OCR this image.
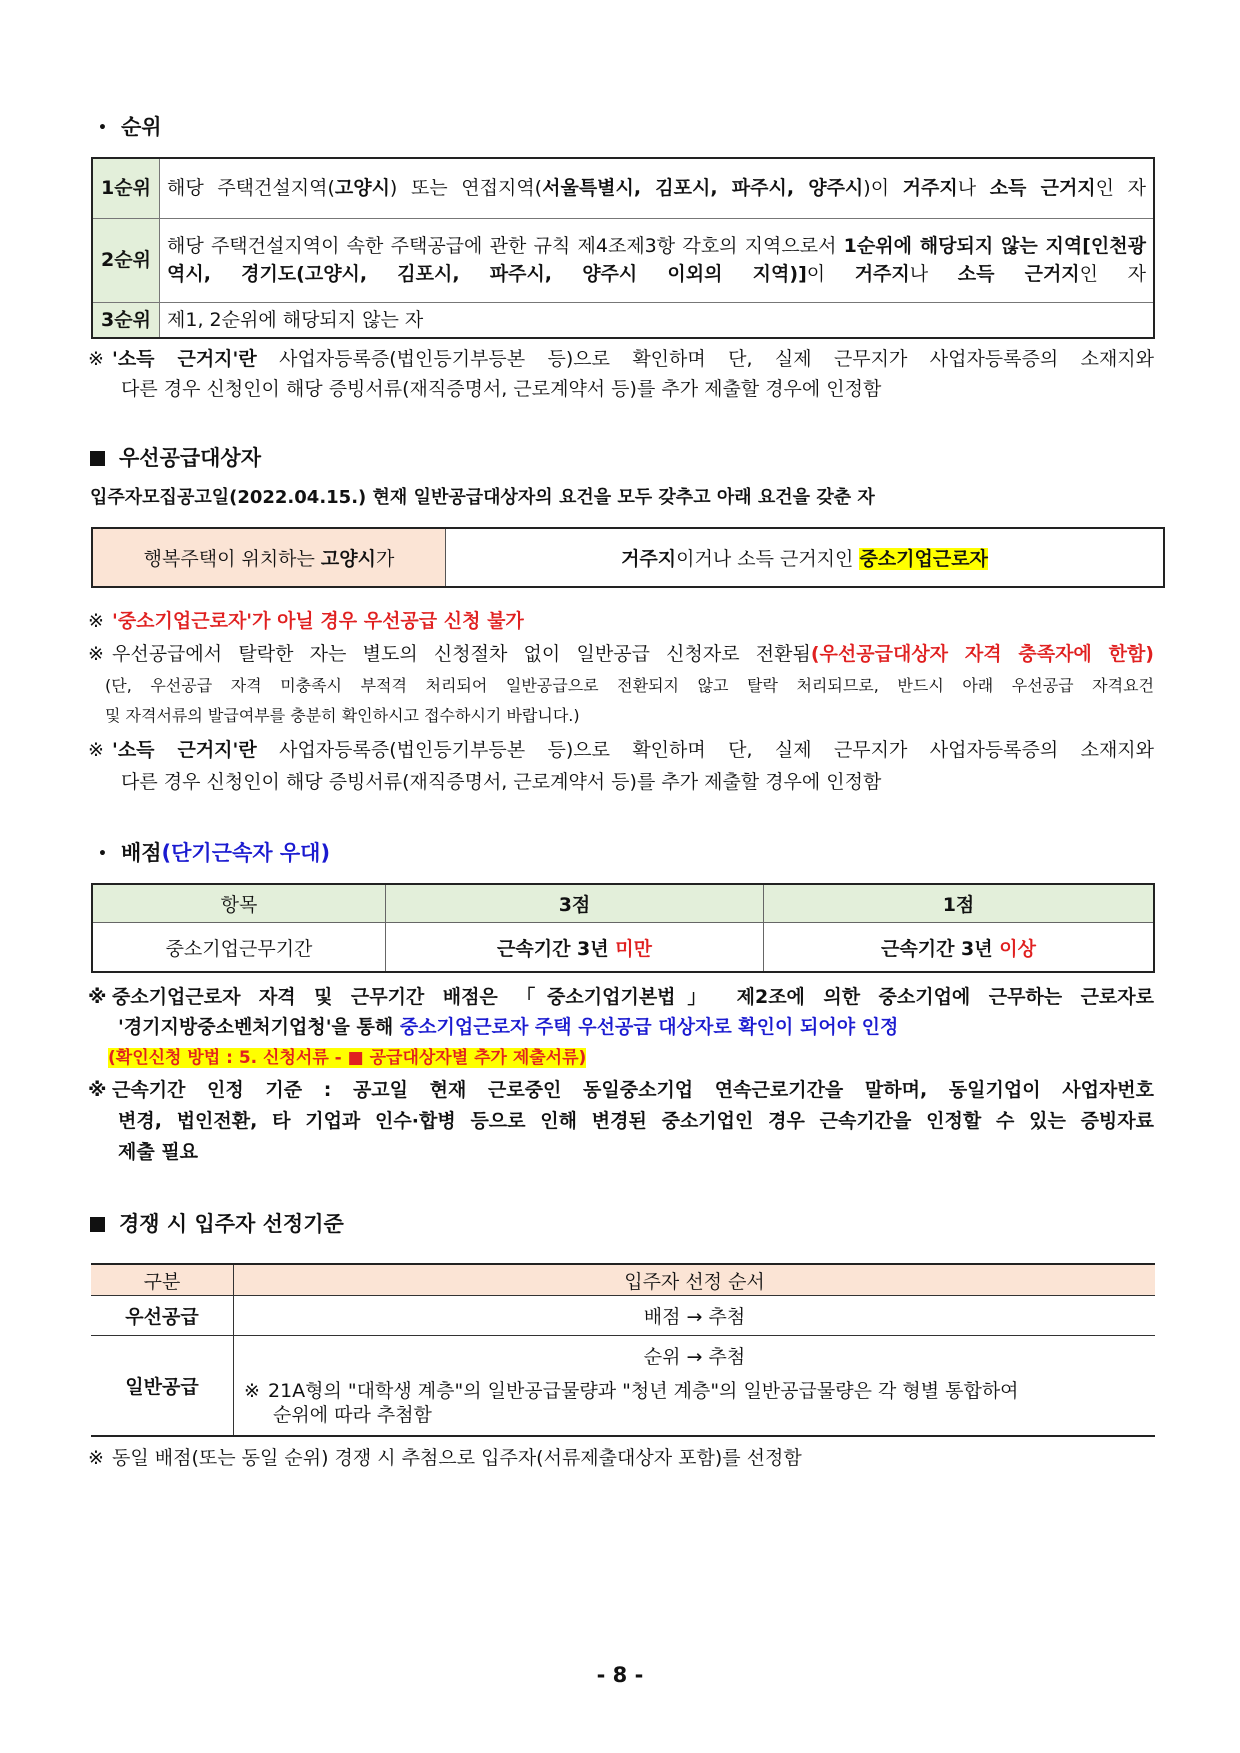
• 순위
1순위	해당 주택건설지역(고양시) 또는 연접지역(서울특별시, 김포시, 파주시, 양주시)이 거주지나 소득 근거지인 자
2순위	해당 주택건설지역이 속한 주택공급에 관한 규칙 제4조제3항 각호의 지역으로서 1순위에 해당되지 않는 지역[인천광역시, 경기도(고양시, 김포시, 파주시, 양주시 이외의 지역)]이 거주지나 소득 근거지인 자
3순위	제1, 2순위에 해당되지 않는 자
※ '소득 근거지'란 사업자등록증(법인등기부등본 등)으로 확인하며 단, 실제 근무지가 사업자등록증의 소재지와
다른 경우 신청인이 해당 증빙서류(재직증명서, 근로계약서 등)를 추가 제출할 경우에 인정함
우선공급대상자
입주자모집공고일(2022.04.15.) 현재 일반공급대상자의 요건을 모두 갖추고 아래 요건을 갖춘 자
행복주택이 위치하는 고양시가	거주지이거나 소득 근거지인 중소기업근로자
※ '중소기업근로자'가 아닐 경우 우선공급 신청 불가
※ 우선공급에서 탈락한 자는 별도의 신청절차 없이 일반공급 신청자로 전환됨(우선공급대상자 자격 충족자에 한함)
(단, 우선공급 자격 미충족시 부적격 처리되어 일반공급으로 전환되지 않고 탈락 처리되므로, 반드시 아래 우선공급 자격요건
및 자격서류의 발급여부를 충분히 확인하시고 접수하시기 바랍니다.)
※ '소득 근거지'란 사업자등록증(법인등기부등본 등)으로 확인하며 단, 실제 근무지가 사업자등록증의 소재지와
다른 경우 신청인이 해당 증빙서류(재직증명서, 근로계약서 등)를 추가 제출할 경우에 인정함
• 배점(단기근속자 우대)
항목	3점	1점
중소기업근무기간	근속기간 3년 미만	근속기간 3년 이상
※ 중소기업근로자 자격 및 근무기간 배점은 「중소기업기본법」 제2조에 의한 중소기업에 근무하는 근로자로
'경기지방중소벤처기업청'을 통해 중소기업근로자 주택 우선공급 대상자로 확인이 되어야 인정
(확인신청 방법 : 5. 신청서류 - ■ 공급대상자별 추가 제출서류)
※ 근속기간 인정 기준 : 공고일 현재 근로중인 동일중소기업 연속근로기간을 말하며, 동일기업이 사업자번호
변경, 법인전환, 타 기업과 인수·합병 등으로 인해 변경된 중소기업인 경우 근속기간을 인정할 수 있는 증빙자료
제출 필요
경쟁 시 입주자 선정기준
구분	입주자 선정 순서
우선공급	배점 → 추첨
일반공급	순위 → 추첨
※ 21A형의 "대학생 계층"의 일반공급물량과 "청년 계층"의 일반공급물량은 각 형별 통합하여
순위에 따라 추첨함
※ 동일 배점(또는 동일 순위) 경쟁 시 추첨으로 입주자(서류제출대상자 포함)를 선정함
- 8 -
